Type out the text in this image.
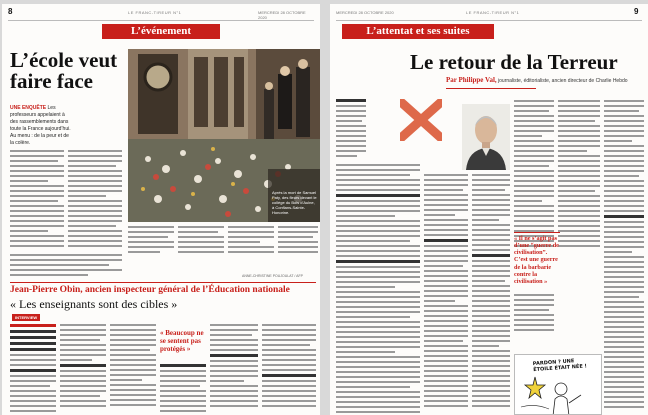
8	LE FRANC-TIREUR N°1	MERCREDI 28 OCTOBRE 2020
L’événement
L’école veut faire face
UNE ENQUÊTE Les professeurs appelaient à des rassemblements dans toute la France aujourd’hui. Au menu : de la peur et de la colère.
Après la mort de Samuel Paty, des fleurs devant le collège du Bois d’Aulne, à Conflans-Sainte-Honorine.
Jean-Pierre Obin, ancien inspecteur général de l’Éducation nationale
« Les enseignants sont des cibles »
INTERVIEW
« Beaucoup ne se sentent pas protégés »
ANNE-CHRISTINE POUJOULAT / AFP
MERCREDI 28 OCTOBRE 2020	LE FRANC-TIREUR N°1	9
L’attentat et ses suites
Le retour de la Terreur
Par Philippe Val, journaliste, éditorialiste, ancien directeur de Charlie Hebdo
« Il ne s’agit pas d’une “guerre de civilisation”. C’est une guerre de la barbarie contre la civilisation »
PARDON ? UNE ÉTOILE ÉTAIT NÉE !
